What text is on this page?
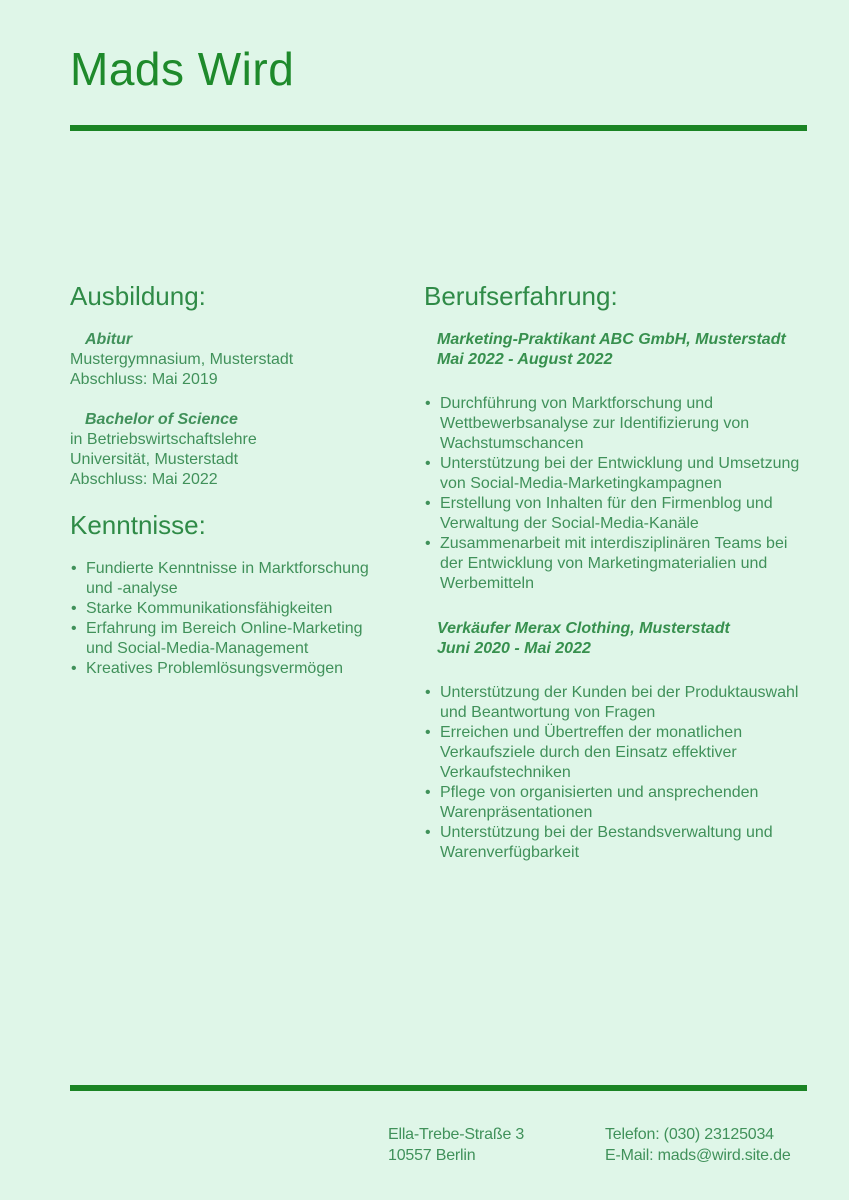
Mads Wird
Ausbildung:
Abitur
Mustergymnasium, Musterstadt
Abschluss: Mai 2019
Bachelor of Science
in Betriebswirtschaftslehre
Universität, Musterstadt
Abschluss: Mai 2022
Kenntnisse:
• Fundierte Kenntnisse in Marktforschung und -analyse
• Starke Kommunikationsfähigkeiten
• Erfahrung im Bereich Online-Marketing und Social-Media-Management
• Kreatives Problemlösungsvermögen
Berufserfahrung:
Marketing-Praktikant ABC GmbH, Musterstadt
Mai 2022 - August 2022
• Durchführung von Marktforschung und Wettbewerbsanalyse zur Identifizierung von Wachstumschancen
• Unterstützung bei der Entwicklung und Umsetzung von Social-Media-Marketingkampagnen
• Erstellung von Inhalten für den Firmenblog und Verwaltung der Social-Media-Kanäle
• Zusammenarbeit mit interdisziplinären Teams bei der Entwicklung von Marketingmaterialien und Werbemitteln
Verkäufer Merax Clothing, Musterstadt
Juni 2020 - Mai 2022
• Unterstützung der Kunden bei der Produktauswahl und Beantwortung von Fragen
• Erreichen und Übertreffen der monatlichen Verkaufsziele durch den Einsatz effektiver Verkaufstechniken
• Pflege von organisierten und ansprechenden Warenpräsentationen
• Unterstützung bei der Bestandsverwaltung und Warenverfügbarkeit
Ella-Trebe-Straße 3
10557 Berlin
Telefon: (030) 23125034
E-Mail: mads@wird.site.de
